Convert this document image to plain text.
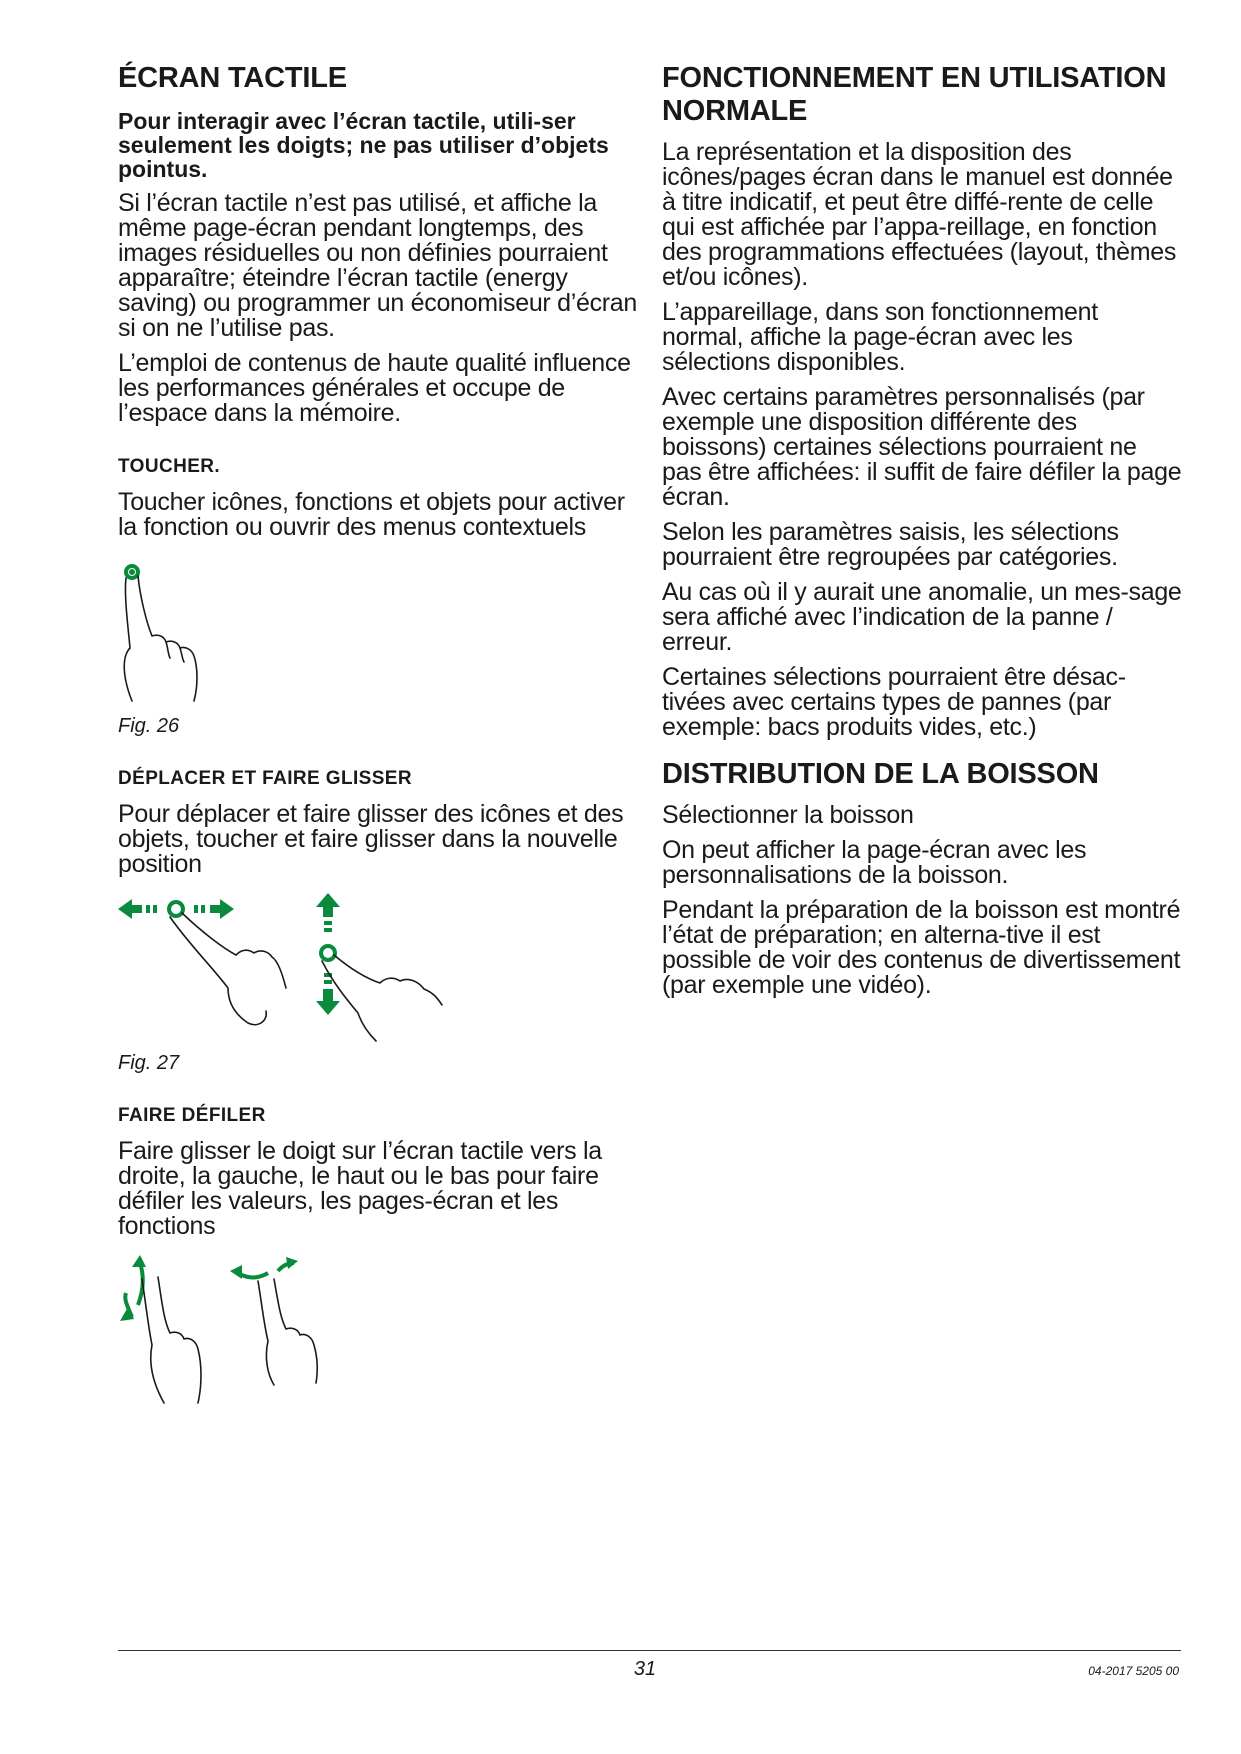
ÉCRAN TACTILE

Pour interagir avec l’écran tactile, utili-ser seulement les doigts; ne pas utiliser d’objets pointus.

Si l’écran tactile n’est pas utilisé, et affiche la même page-écran pendant longtemps, des images résiduelles ou non définies pourraient apparaître; éteindre l’écran tactile (energy saving) ou programmer un économiseur d’écran si on ne l’utilise pas.

L’emploi de contenus de haute qualité influence les performances générales et occupe de l’espace dans la mémoire.

TOUCHER.

Toucher icônes, fonctions et objets pour activer la fonction ou ouvrir des menus contextuels

Fig. 26
DÉPLACER ET FAIRE GLISSER

Pour déplacer et faire glisser des icônes et des objets, toucher et faire glisser dans la nouvelle position

Fig. 27
FAIRE DÉFILER

Faire glisser le doigt sur l’écran tactile vers la droite, la gauche, le haut ou le bas pour faire défiler les valeurs, les pages-écran et les fonctions

FONCTIONNEMENT EN UTILISATION NORMALE

La représentation et la disposition des icônes/pages écran dans le manuel est donnée à titre indicatif, et peut être diffé-rente de celle qui est affichée par l’appa-reillage, en fonction des programmations effectuées (layout, thèmes et/ou icônes).

L’appareillage, dans son fonctionnement normal, affiche la page-écran avec les sélections disponibles.

Avec certains paramètres personnalisés (par exemple une disposition différente des boissons) certaines sélections pourraient ne pas être affichées: il suffit de faire défiler la page écran.

Selon les paramètres saisis, les sélections pourraient être regroupées par catégories.

Au cas où il y aurait une anomalie, un mes-sage sera affiché avec l’indication de la panne / erreur.

Certaines sélections pourraient être désac-tivées avec certains types de pannes (par exemple: bacs produits vides, etc.)

DISTRIBUTION DE LA BOISSON

Sélectionner la boisson

On peut afficher la page-écran avec les personnalisations de la boisson.

Pendant la préparation de la boisson est montré l’état de préparation; en alterna-tive il est possible de voir des contenus de divertissement (par exemple une vidéo).

31	04-2017 5205 00
